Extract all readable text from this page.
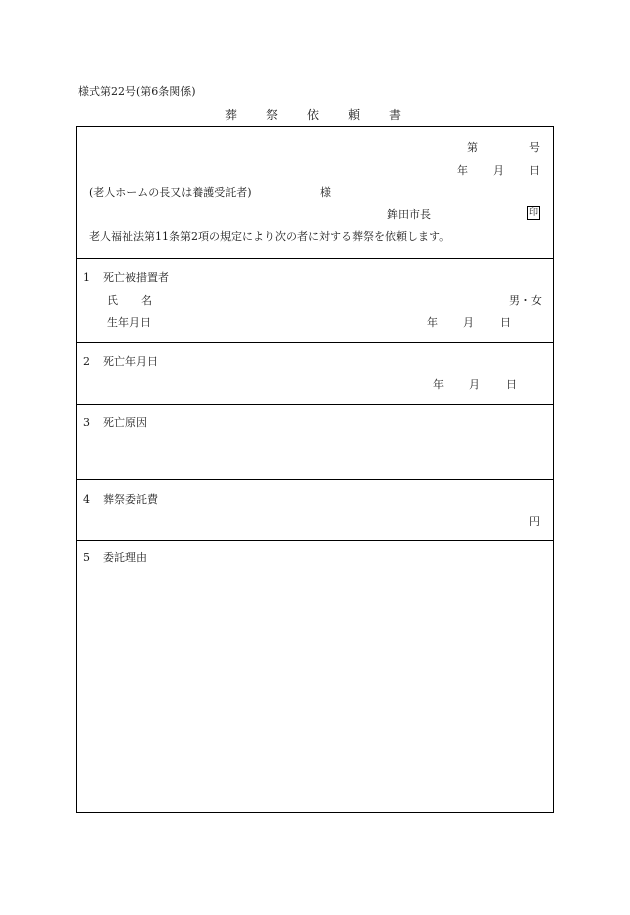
様式第22号(第6条関係)
葬 祭 依 頼 書
第	号
年 月 日
(老人ホームの長又は養護受託者)	様
鉾田市長	印
老人福祉法第11条第2項の規定により次の者に対する葬祭を依頼します。
1 死亡被措置者
氏 名	男・女
生年月日	年 月 日
2 死亡年月日
年 月 日
3 死亡原因
4 葬祭委託費
円
5 委託理由
